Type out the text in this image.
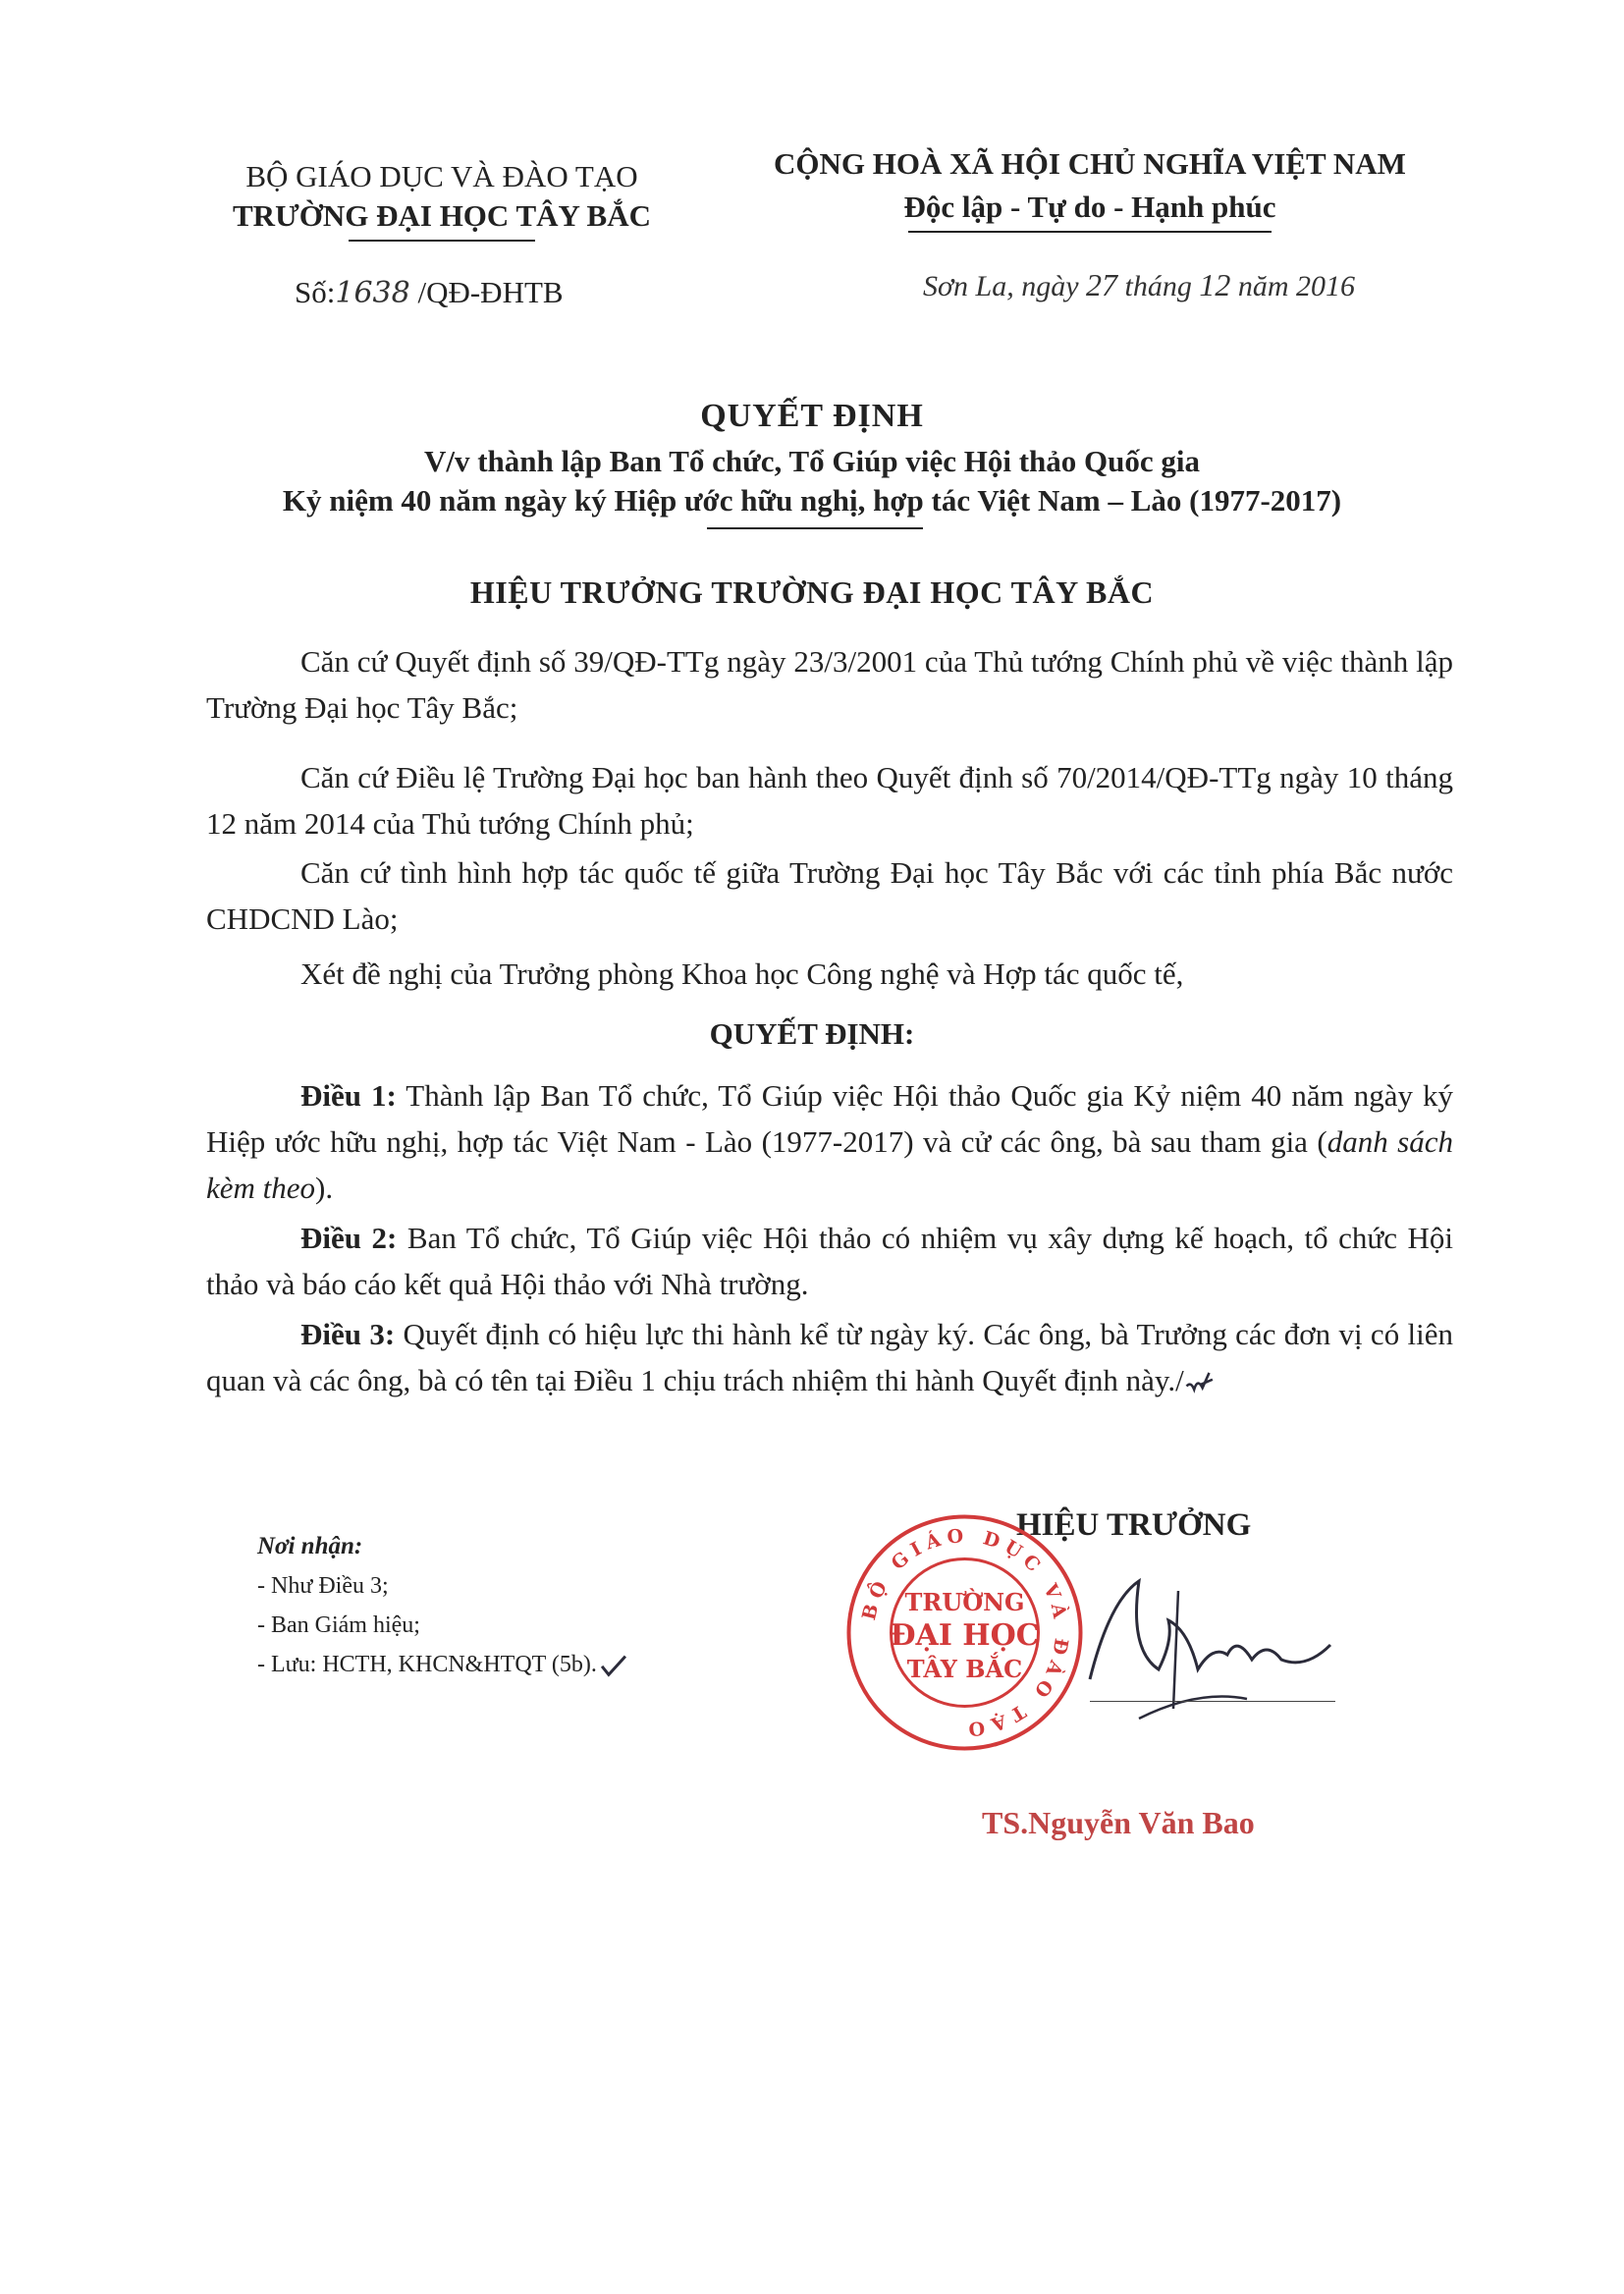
BỘ GIÁO DỤC VÀ ĐÀO TẠO
TRƯỜNG ĐẠI HỌC TÂY BẮC
CỘNG HOÀ XÃ HỘI CHỦ NGHĨA VIỆT NAM
Độc lập - Tự do - Hạnh phúc
Số:1638 /QĐ-ĐHTB	Sơn La, ngày 27 tháng 12 năm 2016
QUYẾT ĐỊNH
V/v thành lập Ban Tổ chức, Tổ Giúp việc Hội thảo Quốc gia
Kỷ niệm 40 năm ngày ký Hiệp ước hữu nghị, hợp tác Việt Nam – Lào (1977-2017)
HIỆU TRƯỞNG TRƯỜNG ĐẠI HỌC TÂY BẮC
Căn cứ Quyết định số 39/QĐ-TTg ngày 23/3/2001 của Thủ tướng Chính phủ về việc thành lập Trường Đại học Tây Bắc;
Căn cứ Điều lệ Trường Đại học ban hành theo Quyết định số 70/2014/QĐ-TTg ngày 10 tháng 12 năm 2014 của Thủ tướng Chính phủ;
Căn cứ tình hình hợp tác quốc tế giữa Trường Đại học Tây Bắc với các tỉnh phía Bắc nước CHDCND Lào;
Xét đề nghị của Trưởng phòng Khoa học Công nghệ và Hợp tác quốc tế,
QUYẾT ĐỊNH:
Điều 1: Thành lập Ban Tổ chức, Tổ Giúp việc Hội thảo Quốc gia Kỷ niệm 40 năm ngày ký Hiệp ước hữu nghị, hợp tác Việt Nam - Lào (1977-2017) và cử các ông, bà sau tham gia (danh sách kèm theo).
Điều 2: Ban Tổ chức, Tổ Giúp việc Hội thảo có nhiệm vụ xây dựng kế hoạch, tổ chức Hội thảo và báo cáo kết quả Hội thảo với Nhà trường.
Điều 3: Quyết định có hiệu lực thi hành kể từ ngày ký. Các ông, bà Trưởng các đơn vị có liên quan và các ông, bà có tên tại Điều 1 chịu trách nhiệm thi hành Quyết định này./
Nơi nhận:
- Như Điều 3;
- Ban Giám hiệu;
- Lưu: HCTH, KHCN&HTQT (5b).
HIỆU TRƯỞNG
BỘ GIÁO DỤC VÀ ĐÀO TẠO
TRƯỜNG
ĐẠI HỌC
TÂY BẮC
TS.Nguyễn Văn Bao
